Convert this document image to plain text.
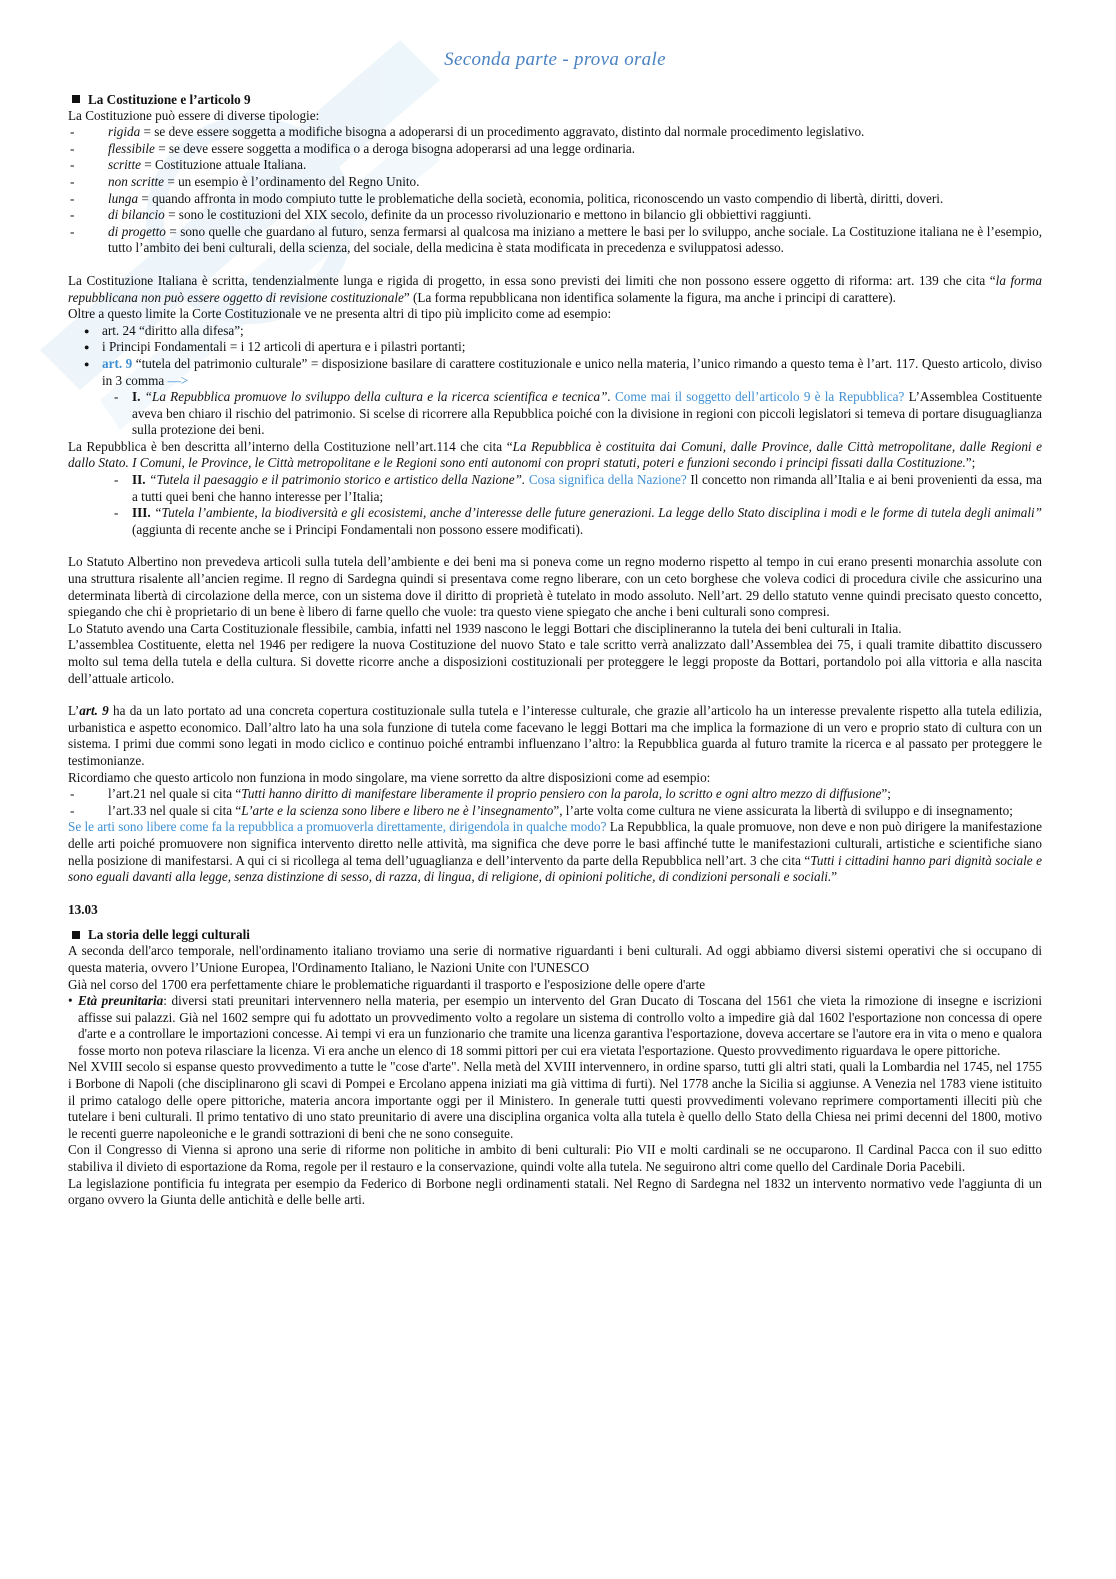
Seconda parte - prova orale
La Costituzione e l’articolo 9

La Costituzione può essere di diverse tipologie:

- rigida = se deve essere soggetta a modifiche bisogna a adoperarsi di un procedimento aggravato, distinto dal normale procedimento legislativo.
- flessibile = se deve essere soggetta a modifica o a deroga bisogna adoperarsi ad una legge ordinaria.
- scritte = Costituzione attuale Italiana.
- non scritte = un esempio è l’ordinamento del Regno Unito.
- lunga = quando affronta in modo compiuto tutte le problematiche della società, economia, politica, riconoscendo un vasto compendio di libertà, diritti, doveri.
- di bilancio = sono le costituzioni del XIX secolo, definite da un processo rivoluzionario e mettono in bilancio gli obbiettivi raggiunti.
- di progetto = sono quelle che guardano al futuro, senza fermarsi al qualcosa ma iniziano a mettere le basi per lo sviluppo, anche sociale. La Costituzione italiana ne è l’esempio, tutto l’ambito dei beni culturali, della scienza, del sociale, della medicina è stata modificata in precedenza e sviluppatosi adesso.

La Costituzione Italiana è scritta, tendenzialmente lunga e rigida di progetto, in essa sono previsti dei limiti che non possono essere oggetto di riforma: art. 139 che cita “la forma repubblicana non può essere oggetto di revisione costituzionale” (La forma repubblicana non identifica solamente la figura, ma anche i principi di carattere).

Oltre a questo limite la Corte Costituzionale ve ne presenta altri di tipo più implicito come ad esempio:

● art. 24 “diritto alla difesa”;
● i Principi Fondamentali = i 12 articoli di apertura e i pilastri portanti;
● art. 9 “tutela del patrimonio culturale” = disposizione basilare di carattere costituzionale e unico nella materia, l’unico rimando a questo tema è l’art. 117. Questo articolo, diviso in 3 comma —>
- I. “La Repubblica promuove lo sviluppo della cultura e la ricerca scientifica e tecnica”. Come mai il soggetto dell’articolo 9 è la Repubblica? L’Assemblea Costituente aveva ben chiaro il rischio del patrimonio. Si scelse di ricorrere alla Repubblica poiché con la divisione in regioni con piccoli legislatori si temeva di portare disuguaglianza sulla protezione dei beni.

La Repubblica è ben descritta all’interno della Costituzione nell’art.114 che cita “La Repubblica è costituita dai Comuni, dalle Province, dalle Città metropolitane, dalle Regioni e dallo Stato. I Comuni, le Province, le Città metropolitane e le Regioni sono enti autonomi con propri statuti, poteri e funzioni secondo i principi fissati dalla Costituzione.”;

- II. “Tutela il paesaggio e il patrimonio storico e artistico della Nazione”. Cosa significa della Nazione? Il concetto non rimanda all’Italia e ai beni provenienti da essa, ma a tutti quei beni che hanno interesse per l’Italia;
- III. “Tutela l’ambiente, la biodiversità e gli ecosistemi, anche d’interesse delle future generazioni. La legge dello Stato disciplina i modi e le forme di tutela degli animali” (aggiunta di recente anche se i Principi Fondamentali non possono essere modificati).

Lo Statuto Albertino non prevedeva articoli sulla tutela dell’ambiente e dei beni ma si poneva come un regno moderno rispetto al tempo in cui erano presenti monarchia assolute con una struttura risalente all’ancien regime. Il regno di Sardegna quindi si presentava come regno liberare, con un ceto borghese che voleva codici di procedura civile che assicurino una determinata libertà di circolazione della merce, con un sistema dove il diritto di proprietà è tutelato in modo assoluto. Nell’art. 29 dello statuto venne quindi precisato questo concetto, spiegando che chi è proprietario di un bene è libero di farne quello che vuole: tra questo viene spiegato che anche i beni culturali sono compresi.

Lo Statuto avendo una Carta Costituzionale flessibile, cambia, infatti nel 1939 nascono le leggi Bottari che disciplineranno la tutela dei beni culturali in Italia.

L’assemblea Costituente, eletta nel 1946 per redigere la nuova Costituzione del nuovo Stato e tale scritto verrà analizzato dall’Assemblea dei 75, i quali tramite dibattito discussero molto sul tema della tutela e della cultura. Si dovette ricorre anche a disposizioni costituzionali per proteggere le leggi proposte da Bottari, portandolo poi alla vittoria e alla nascita dell’attuale articolo.

L’art. 9 ha da un lato portato ad una concreta copertura costituzionale sulla tutela e l’interesse culturale, che grazie all’articolo ha un interesse prevalente rispetto alla tutela edilizia, urbanistica e aspetto economico. Dall’altro lato ha una sola funzione di tutela come facevano le leggi Bottari ma che implica la formazione di un vero e proprio stato di cultura con un sistema. I primi due commi sono legati in modo ciclico e continuo poiché entrambi influenzano l’altro: la Repubblica guarda al futuro tramite la ricerca e al passato per proteggere le testimonianze.

Ricordiamo che questo articolo non funziona in modo singolare, ma viene sorretto da altre disposizioni come ad esempio:

- l’art.21 nel quale si cita “Tutti hanno diritto di manifestare liberamente il proprio pensiero con la parola, lo scritto e ogni altro mezzo di diffusione”;
- l’art.33 nel quale si cita “L’arte e la scienza sono libere e libero ne è l’insegnamento”, l’arte volta come cultura ne viene assicurata la libertà di sviluppo e di insegnamento;

Se le arti sono libere come fa la repubblica a promuoverla direttamente, dirigendola in qualche modo? La Repubblica, la quale promuove, non deve e non può dirigere la manifestazione delle arti poiché promuovere non significa intervento diretto nelle attività, ma significa che deve porre le basi affinché tutte le manifestazioni culturali, artistiche e scientifiche siano nella posizione di manifestarsi. A qui ci si ricollega al tema dell’uguaglianza e dell’intervento da parte della Repubblica nell’art. 3 che cita “Tutti i cittadini hanno pari dignità sociale e sono eguali davanti alla legge, senza distinzione di sesso, di razza, di lingua, di religione, di opinioni politiche, di condizioni personali e sociali.”

13.03
La storia delle leggi culturali

A seconda dell'arco temporale, nell'ordinamento italiano troviamo una serie di normative riguardanti i beni culturali. Ad oggi abbiamo diversi sistemi operativi che si occupano di questa materia, ovvero l’Unione Europea, l'Ordinamento Italiano, le Nazioni Unite con l'UNESCO

Già nel corso del 1700 era perfettamente chiare le problematiche riguardanti il trasporto e l'esposizione delle opere d'arte

• Età preunitaria: diversi stati preunitari intervennero nella materia, per esempio un intervento del Gran Ducato di Toscana del 1561 che vieta la rimozione di insegne e iscrizioni affisse sui palazzi. Già nel 1602 sempre qui fu adottato un provvedimento volto a regolare un sistema di controllo volto a impedire già dal 1602 l'esportazione non concessa di opere d'arte e a controllare le importazioni concesse. Ai tempi vi era un funzionario che tramite una licenza garantiva l'esportazione, doveva accertare se l'autore era in vita o meno e qualora fosse morto non poteva rilasciare la licenza. Vi era anche un elenco di 18 sommi pittori per cui era vietata l'esportazione. Questo provvedimento riguardava le opere pittoriche.

Nel XVIII secolo si espanse questo provvedimento a tutte le "cose d'arte". Nella metà del XVIII intervennero, in ordine sparso, tutti gli altri stati, quali la Lombardia nel 1745, nel 1755 i Borbone di Napoli (che disciplinarono gli scavi di Pompei e Ercolano appena iniziati ma già vittima di furti). Nel 1778 anche la Sicilia si aggiunse. A Venezia nel 1783 viene istituito il primo catalogo delle opere pittoriche, materia ancora importante oggi per il Ministero. In generale tutti questi provvedimenti volevano reprimere comportamenti illeciti più che tutelare i beni culturali. Il primo tentativo di uno stato preunitario di avere una disciplina organica volta alla tutela è quello dello Stato della Chiesa nei primi decenni del 1800, motivo le recenti guerre napoleoniche e le grandi sottrazioni di beni che ne sono conseguite.

Con il Congresso di Vienna si aprono una serie di riforme non politiche in ambito di beni culturali: Pio VII e molti cardinali se ne occuparono. Il Cardinal Pacca con il suo editto stabiliva il divieto di esportazione da Roma, regole per il restauro e la conservazione, quindi volte alla tutela. Ne seguirono altri come quello del Cardinale Doria Pacebili.

La legislazione pontificia fu integrata per esempio da Federico di Borbone negli ordinamenti statali. Nel Regno di Sardegna nel 1832 un intervento normativo vede l'aggiunta di un organo ovvero la Giunta delle antichità e delle belle arti.
